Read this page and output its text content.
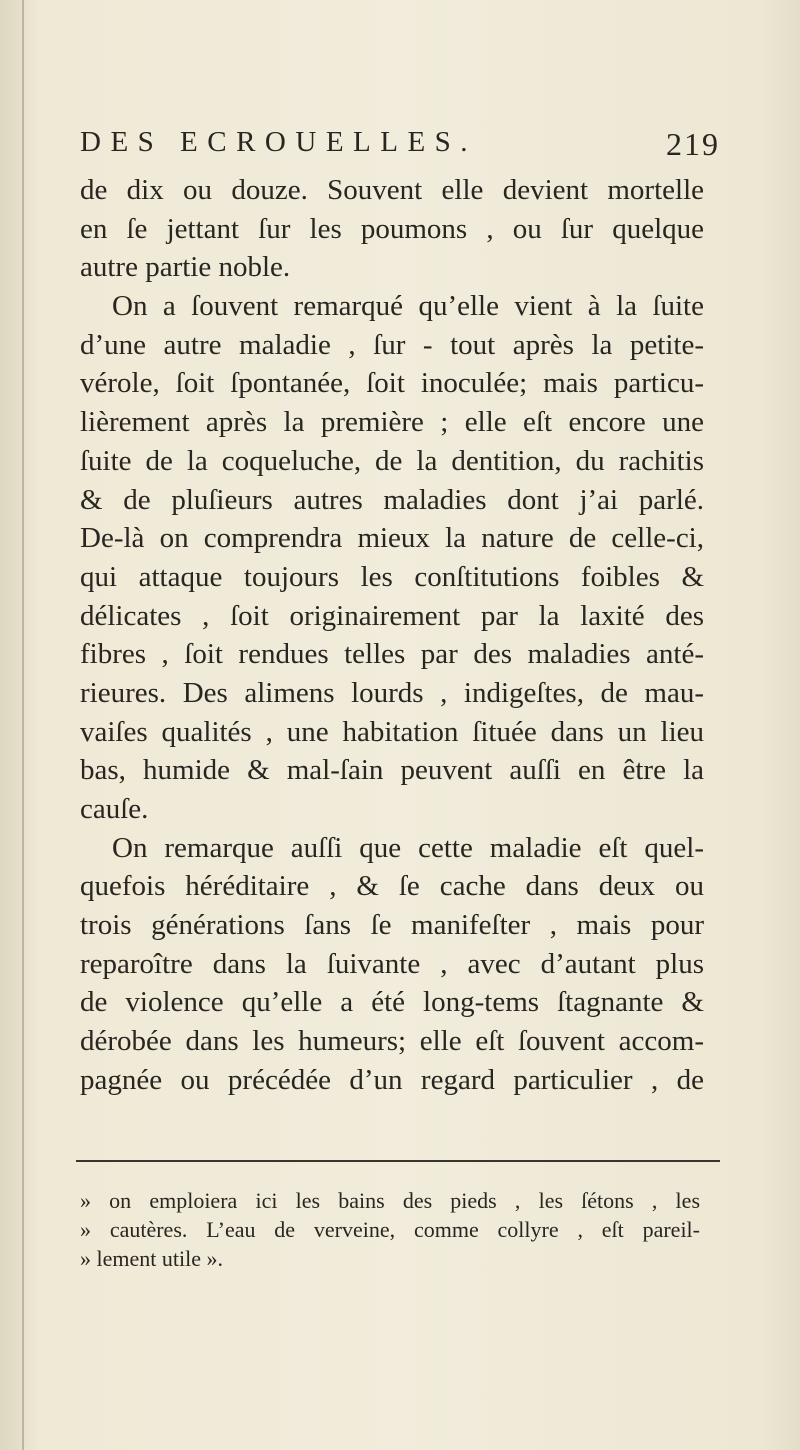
DES ECROUELLES.	219
de dix ou douze. Souvent elle devient mortelle
en ſe jettant ſur les poumons , ou ſur quelque
autre partie noble.
On a ſouvent remarqué qu’elle vient à la ſuite
d’une autre maladie , ſur - tout après la petite-
vérole, ſoit ſpontanée, ſoit inoculée; mais particu-
lièrement après la première ; elle eſt encore une
ſuite de la coqueluche, de la dentition, du rachitis
& de pluſieurs autres maladies dont j’ai parlé.
De-là on comprendra mieux la nature de celle-ci,
qui attaque toujours les conſtitutions foibles &
délicates , ſoit originairement par la laxité des
fibres , ſoit rendues telles par des maladies anté-
rieures. Des alimens lourds , indigeſtes, de mau-
vaiſes qualités , une habitation ſituée dans un lieu
bas, humide & mal-ſain peuvent auſſi en être la
cauſe.
On remarque auſſi que cette maladie eſt quel-
quefois héréditaire , & ſe cache dans deux ou
trois générations ſans ſe manifeſter , mais pour
reparoître dans la ſuivante , avec d’autant plus
de violence qu’elle a été long-tems ſtagnante &
dérobée dans les humeurs; elle eſt ſouvent accom-
pagnée ou précédée d’un regard particulier , de
» on emploiera ici les bains des pieds , les ſétons , les
» cautères. L’eau de verveine, comme collyre , eſt pareil-
» lement utile ».
